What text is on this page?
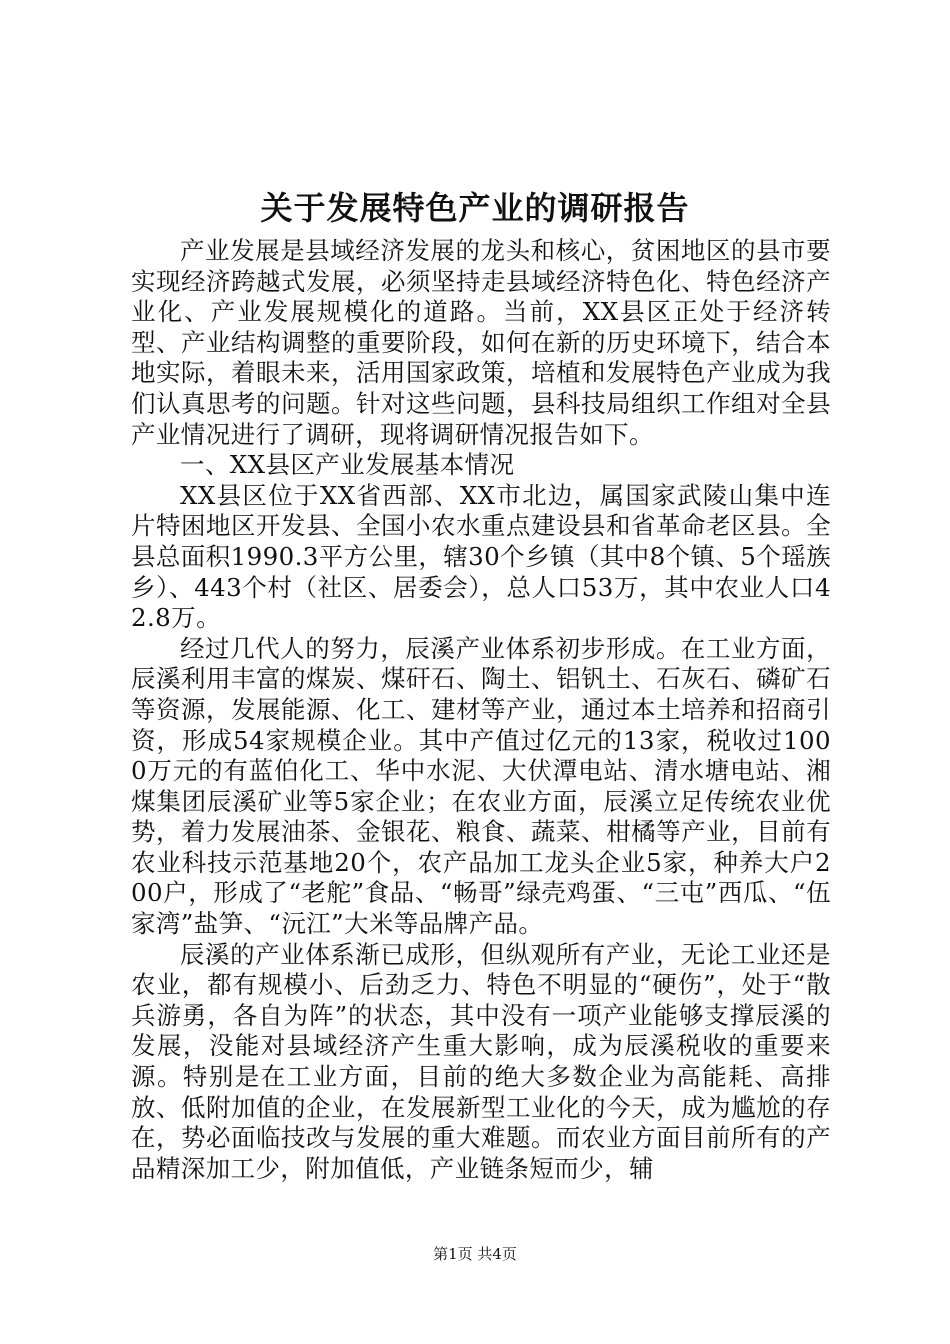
关于发展特色产业的调研报告

产业发展是县域经济发展的龙头和核心，贫困地区的县市要实现经济跨越式发展，必须坚持走县域经济特色化、特色经济产业化、产业发展规模化的道路。当前，XX县区正处于经济转型、产业结构调整的重要阶段，如何在新的历史环境下，结合本地实际，着眼未来，活用国家政策，培植和发展特色产业成为我们认真思考的问题。针对这些问题，县科技局组织工作组对全县产业情况进行了调研，现将调研情况报告如下。

一、XX县区产业发展基本情况

XX县区位于XX省西部、XX市北边，属国家武陵山集中连片特困地区开发县、全国小农水重点建设县和省革命老区县。全县总面积1990.3平方公里，辖30个乡镇（其中8个镇、5个瑶族乡）、443个村（社区、居委会），总人口53万，其中农业人口42.8万。

经过几代人的努力，辰溪产业体系初步形成。在工业方面，辰溪利用丰富的煤炭、煤矸石、陶土、铝钒土、石灰石、磷矿石等资源，发展能源、化工、建材等产业，通过本土培养和招商引资，形成54家规模企业。其中产值过亿元的13家，税收过1000万元的有蓝伯化工、华中水泥、大伏潭电站、清水塘电站、湘煤集团辰溪矿业等5家企业；在农业方面，辰溪立足传统农业优势，着力发展油茶、金银花、粮食、蔬菜、柑橘等产业，目前有农业科技示范基地20个，农产品加工龙头企业5家，种养大户200户，形成了“老舵”食品、“畅哥”绿壳鸡蛋、“三屯”西瓜、“伍家湾”盐笋、“沅江”大米等品牌产品。

辰溪的产业体系渐已成形，但纵观所有产业，无论工业还是农业，都有规模小、后劲乏力、特色不明显的“硬伤”，处于“散兵游勇，各自为阵”的状态，其中没有一项产业能够支撑辰溪的发展，没能对县域经济产生重大影响，成为辰溪税收的重要来源。特别是在工业方面，目前的绝大多数企业为高能耗、高排放、低附加值的企业，在发展新型工业化的今天，成为尴尬的存在，势必面临技改与发展的重大难题。而农业方面目前所有的产品精深加工少，附加值低，产业链条短而少，辅

第1页 共4页
